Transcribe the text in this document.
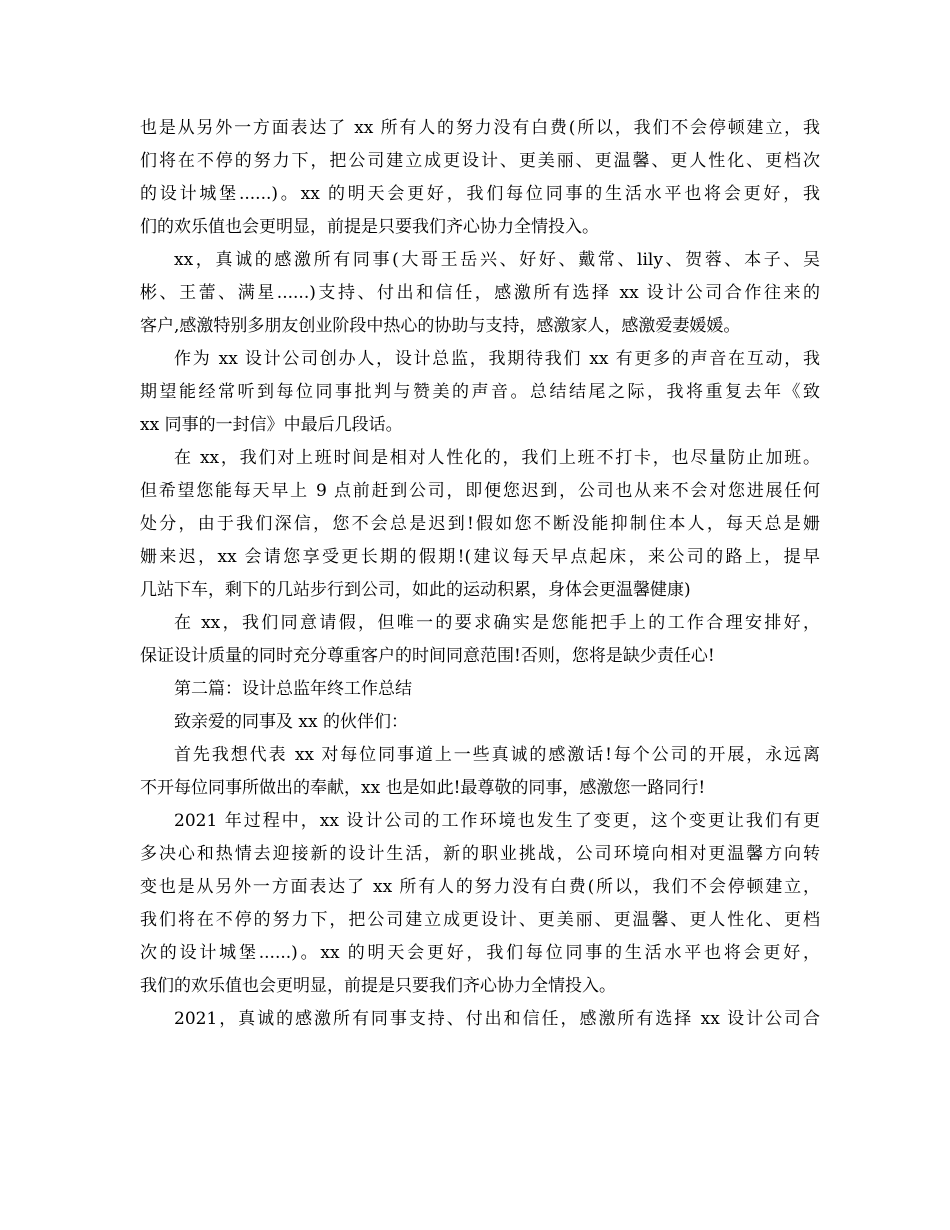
也是从另外一方面表达了 xx 所有人的努力没有白费(所以，我们不会停顿建立，我
们将在不停的努力下，把公司建立成更设计、更美丽、更温馨、更人性化、更档次
的设计城堡......)。xx 的明天会更好，我们每位同事的生活水平也将会更好，我
们的欢乐值也会更明显，前提是只要我们齐心协力全情投入。
xx，真诚的感激所有同事(大哥王岳兴、好好、戴常、lily、贺蓉、本子、吴
彬、王蕾、满星......)支持、付出和信任，感激所有选择 xx 设计公司合作往来的
客户,感激特别多朋友创业阶段中热心的协助与支持，感激家人，感激爱妻媛媛。
作为 xx 设计公司创办人，设计总监，我期待我们 xx 有更多的声音在互动，我
期望能经常听到每位同事批判与赞美的声音。总结结尾之际，我将重复去年《致
xx 同事的一封信》中最后几段话。
在 xx，我们对上班时间是相对人性化的，我们上班不打卡，也尽量防止加班。
但希望您能每天早上 9 点前赶到公司，即便您迟到，公司也从来不会对您进展任何
处分，由于我们深信，您不会总是迟到!假如您不断没能抑制住本人，每天总是姗
姗来迟，xx 会请您享受更长期的假期!(建议每天早点起床，来公司的路上，提早
几站下车，剩下的几站步行到公司，如此的运动积累，身体会更温馨健康)
在 xx，我们同意请假，但唯一的要求确实是您能把手上的工作合理安排好，
保证设计质量的同时充分尊重客户的时间同意范围!否则，您将是缺少责任心!
第二篇：设计总监年终工作总结
致亲爱的同事及 xx 的伙伴们：
首先我想代表 xx 对每位同事道上一些真诚的感激话!每个公司的开展，永远离
不开每位同事所做出的奉献，xx 也是如此!最尊敬的同事，感激您一路同行!
2021 年过程中，xx 设计公司的工作环境也发生了变更，这个变更让我们有更
多决心和热情去迎接新的设计生活，新的职业挑战，公司环境向相对更温馨方向转
变也是从另外一方面表达了 xx 所有人的努力没有白费(所以，我们不会停顿建立，
我们将在不停的努力下，把公司建立成更设计、更美丽、更温馨、更人性化、更档
次的设计城堡......)。xx 的明天会更好，我们每位同事的生活水平也将会更好，
我们的欢乐值也会更明显，前提是只要我们齐心协力全情投入。
2021，真诚的感激所有同事支持、付出和信任，感激所有选择 xx 设计公司合
